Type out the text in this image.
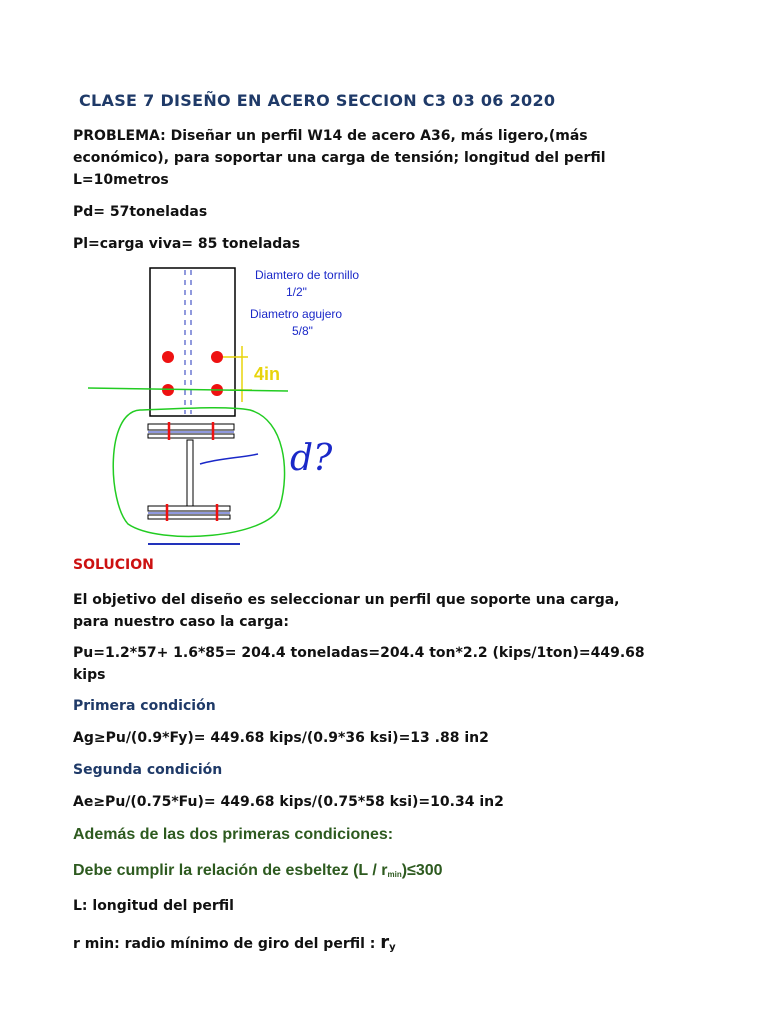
CLASE 7 DISEÑO EN ACERO SECCION C3 03 06 2020
PROBLEMA: Diseñar un perfil W14 de acero A36, más ligero,(más
económico), para soportar una carga de tensión; longitud del perfil
L=10metros
Pd= 57toneladas
Pl=carga viva= 85 toneladas
4in
Diamtero de tornillo
1/2"
Diametro agujero
5/8"
d?
SOLUCION
El objetivo del diseño es seleccionar un perfil que soporte una carga,
para nuestro caso la carga:
Pu=1.2*57+ 1.6*85= 204.4 toneladas=204.4 ton*2.2 (kips/1ton)=449.68
kips
Primera condición
Ag≥Pu/(0.9*Fy)= 449.68 kips/(0.9*36 ksi)=13 .88 in2
Segunda condición
Ae≥Pu/(0.75*Fu)= 449.68 kips/(0.75*58 ksi)=10.34 in2
Además de las dos primeras condiciones:
Debe cumplir la relación de esbeltez $(L / r_{min})\le 300$
L: longitud del perfil
r min: radio mínimo de giro del perfil : $r_y$
